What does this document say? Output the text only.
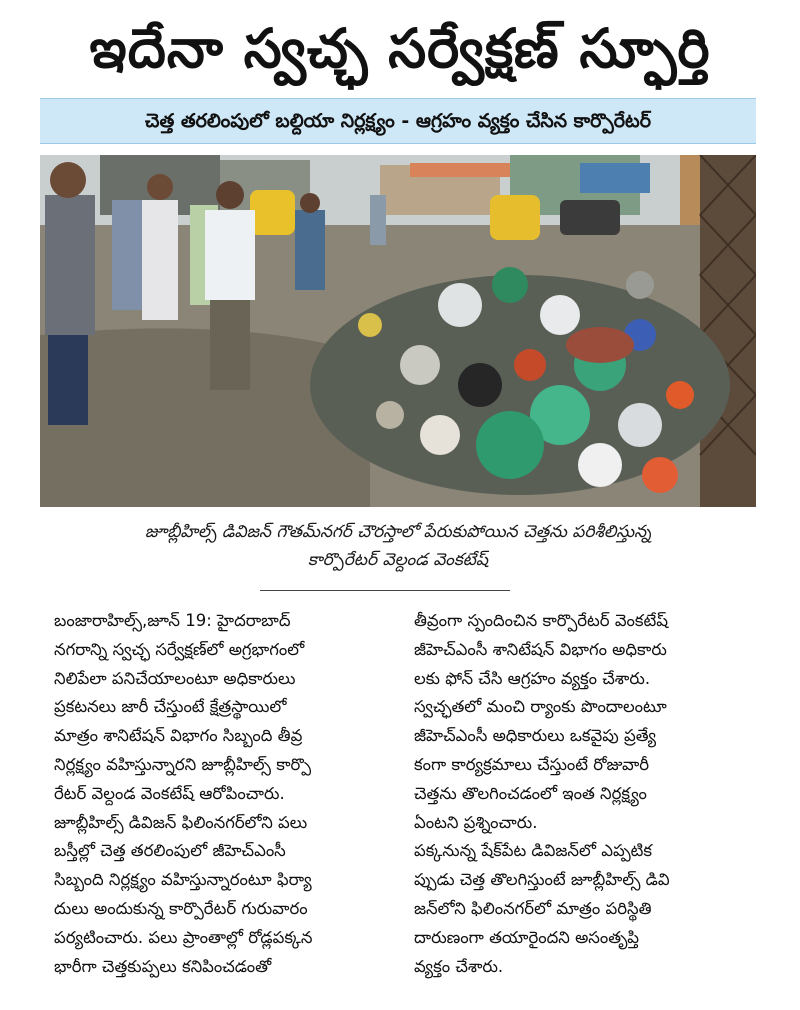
ఇదేనా స్వచ్ఛ సర్వేక్షణ్ స్ఫూర్తి
చెత్త తరలింపులో బల్దియా నిర్లక్ష్యం - ఆగ్రహం వ్యక్తం చేసిన కార్పొరేటర్
జూబ్లీహిల్స్ డివిజన్ గౌతమ్‌నగర్ చౌరస్తాలో పేరుకుపోయిన చెత్తను పరిశీలిస్తున్న
కార్పొరేటర్ వెల్దండ వెంకటేష్

బంజారాహిల్స్,జూన్ 19: హైదరాబాద్
నగరాన్ని స్వచ్ఛ సర్వేక్షణ్‌లో అగ్రభాగంలో
నిలిపేలా పనిచేయాలంటూ అధికారులు
ప్రకటనలు జారీ చేస్తుంటే క్షేత్రస్థాయిలో
మాత్రం శానిటేషన్ విభాగం సిబ్బంది తీవ్ర
నిర్లక్ష్యం వహిస్తున్నారని జూబ్లీహిల్స్ కార్పొ
రేటర్ వెల్దండ వెంకటేష్ ఆరోపించారు.
జూబ్లీహిల్స్ డివిజన్ ఫిలింనగర్‌లోని పలు
బస్తీల్లో చెత్త తరలింపులో జీహెచ్ఎంసీ
సిబ్బంది నిర్లక్ష్యం వహిస్తున్నారంటూ ఫిర్యా
దులు అందుకున్న కార్పొరేటర్ గురువారం
పర్యటించారు. పలు ప్రాంతాల్లో రోడ్లపక్కన
భారీగా చెత్తకుప్పలు కనిపించడంతో

తీవ్రంగా స్పందించిన కార్పొరేటర్ వెంకటేష్
జీహెచ్ఎంసీ శానిటేషన్ విభాగం అధికారు
లకు ఫోన్ చేసి ఆగ్రహం వ్యక్తం చేశారు.
స్వచ్ఛతలో మంచి ర్యాంకు పొందాలంటూ
జీహెచ్ఎంసీ అధికారులు ఒకవైపు ప్రత్యే
కంగా కార్యక్రమాలు చేస్తుంటే రోజువారీ
చెత్తను తొలగించడంలో ఇంత నిర్లక్ష్యం
ఏంటని ప్రశ్నించారు.

పక్కనున్న షేక్‌పేట డివిజన్‌లో ఎప్పటిక
ప్పుడు చెత్త తొలగిస్తుంటే జూబ్లీహిల్స్ డివి
జన్‌లోని ఫిలింనగర్‌లో మాత్రం పరిస్థితి
దారుణంగా తయారైందని అసంతృప్తి
వ్యక్తం చేశారు.
